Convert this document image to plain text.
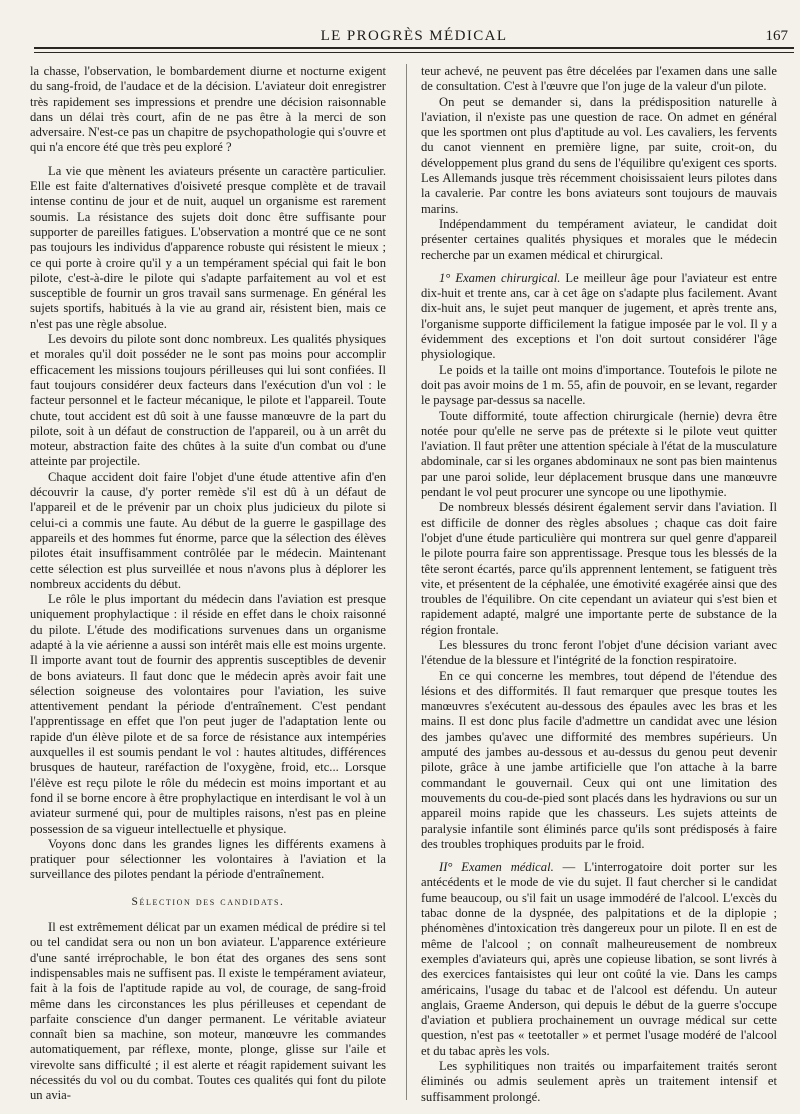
LE PROGRÈS MÉDICAL	167

la chasse, l'observation, le bombardement diurne et nocturne exigent du sang-froid, de l'audace et de la décision. L'aviateur doit enregistrer très rapidement ses impressions et prendre une décision raisonnable dans un délai très court, afin de ne pas être à la merci de son adversaire. N'est-ce pas un chapitre de psychopathologie qui s'ouvre et qui n'a encore été que très peu exploré ?

La vie que mènent les aviateurs présente un caractère particulier. Elle est faite d'alternatives d'oisiveté presque complète et de travail intense continu de jour et de nuit, auquel un organisme est rarement soumis. La résistance des sujets doit donc être suffisante pour supporter de pareilles fatigues. L'observation a montré que ce ne sont pas toujours les individus d'apparence robuste qui résistent le mieux ; ce qui porte à croire qu'il y a un tempérament spécial qui fait le bon pilote, c'est-à-dire le pilote qui s'adapte parfaitement au vol et est susceptible de fournir un gros travail sans surmenage. En général les sujets sportifs, habitués à la vie au grand air, résistent bien, mais ce n'est pas une règle absolue.

Les devoirs du pilote sont donc nombreux. Les qualités physiques et morales qu'il doit posséder ne le sont pas moins pour accomplir efficacement les missions toujours périlleuses qui lui sont confiées. Il faut toujours considérer deux facteurs dans l'exécution d'un vol : le facteur personnel et le facteur mécanique, le pilote et l'appareil. Toute chute, tout accident est dû soit à une fausse manœuvre de la part du pilote, soit à un défaut de construction de l'appareil, ou à un arrêt du moteur, abstraction faite des chûtes à la suite d'un combat ou d'une atteinte par projectile.

Chaque accident doit faire l'objet d'une étude attentive afin d'en découvrir la cause, d'y porter remède s'il est dû à un défaut de l'appareil et de le prévenir par un choix plus judicieux du pilote si celui-ci a commis une faute. Au début de la guerre le gaspillage des appareils et des hommes fut énorme, parce que la sélection des élèves pilotes était insuffisamment contrôlée par le médecin. Maintenant cette sélection est plus surveillée et nous n'avons plus à déplorer les nombreux accidents du début.

Le rôle le plus important du médecin dans l'aviation est presque uniquement prophylactique : il réside en effet dans le choix raisonné du pilote. L'étude des modifications survenues dans un organisme adapté à la vie aérienne a aussi son intérêt mais elle est moins urgente. Il importe avant tout de fournir des apprentis susceptibles de devenir de bons aviateurs. Il faut donc que le médecin après avoir fait une sélection soigneuse des volontaires pour l'aviation, les suive attentivement pendant la période d'entraînement. C'est pendant l'apprentissage en effet que l'on peut juger de l'adaptation lente ou rapide d'un élève pilote et de sa force de résistance aux intempéries auxquelles il est soumis pendant le vol : hautes altitudes, différences brusques de hauteur, raréfaction de l'oxygène, froid, etc... Lorsque l'élève est reçu pilote le rôle du médecin est moins important et au fond il se borne encore à être prophylactique en interdisant le vol à un aviateur surmené qui, pour de multiples raisons, n'est pas en pleine possession de sa vigueur intellectuelle et physique.

Voyons donc dans les grandes lignes les différents examens à pratiquer pour sélectionner les volontaires à l'aviation et la surveillance des pilotes pendant la période d'entraînement.

Sélection des candidats.

Il est extrêmement délicat par un examen médical de prédire si tel ou tel candidat sera ou non un bon aviateur. L'apparence extérieure d'une santé irréprochable, le bon état des organes des sens sont indispensables mais ne suffisent pas. Il existe le tempérament aviateur, fait à la fois de l'aptitude rapide au vol, de courage, de sang-froid même dans les circonstances les plus périlleuses et cependant de parfaite conscience d'un danger permanent. Le véritable aviateur connaît bien sa machine, son moteur, manœuvre les commandes automatiquement, par réflexe, monte, plonge, glisse sur l'aile et virevolte sans difficulté ; il est alerte et réagit rapidement suivant les nécessités du vol ou du combat. Toutes ces qualités qui font du pilote un avia-

teur achevé, ne peuvent pas être décelées par l'examen dans une salle de consultation. C'est à l'œuvre que l'on juge de la valeur d'un pilote.

On peut se demander si, dans la prédisposition naturelle à l'aviation, il n'existe pas une question de race. On admet en général que les sportmen ont plus d'aptitude au vol. Les cavaliers, les fervents du canot viennent en première ligne, par suite, croit-on, du développement plus grand du sens de l'équilibre qu'exigent ces sports. Les Allemands jusque très récemment choisissaient leurs pilotes dans la cavalerie. Par contre les bons aviateurs sont toujours de mauvais marins.

Indépendamment du tempérament aviateur, le candidat doit présenter certaines qualités physiques et morales que le médecin recherche par un examen médical et chirurgical.

1° Examen chirurgical. Le meilleur âge pour l'aviateur est entre dix-huit et trente ans, car à cet âge on s'adapte plus facilement. Avant dix-huit ans, le sujet peut manquer de jugement, et après trente ans, l'organisme supporte difficilement la fatigue imposée par le vol. Il y a évidemment des exceptions et l'on doit surtout considérer l'âge physiologique.

Le poids et la taille ont moins d'importance. Toutefois le pilote ne doit pas avoir moins de 1 m. 55, afin de pouvoir, en se levant, regarder le paysage par-dessus sa nacelle.

Toute difformité, toute affection chirurgicale (hernie) devra être notée pour qu'elle ne serve pas de prétexte si le pilote veut quitter l'aviation. Il faut prêter une attention spéciale à l'état de la musculature abdominale, car si les organes abdominaux ne sont pas bien maintenus par une paroi solide, leur déplacement brusque dans une manœuvre pendant le vol peut procurer une syncope ou une lipothymie.

De nombreux blessés désirent également servir dans l'aviation. Il est difficile de donner des règles absolues ; chaque cas doit faire l'objet d'une étude particulière qui montrera sur quel genre d'appareil le pilote pourra faire son apprentissage. Presque tous les blessés de la tête seront écartés, parce qu'ils apprennent lentement, se fatiguent très vite, et présentent de la céphalée, une émotivité exagérée ainsi que des troubles de l'équilibre. On cite cependant un aviateur qui s'est bien et rapidement adapté, malgré une importante perte de substance de la région frontale.

Les blessures du tronc feront l'objet d'une décision variant avec l'étendue de la blessure et l'intégrité de la fonction respiratoire.

En ce qui concerne les membres, tout dépend de l'étendue des lésions et des difformités. Il faut remarquer que presque toutes les manœuvres s'exécutent au-dessous des épaules avec les bras et les mains. Il est donc plus facile d'admettre un candidat avec une lésion des jambes qu'avec une difformité des membres supérieurs. Un amputé des jambes au-dessous et au-dessus du genou peut devenir pilote, grâce à une jambe artificielle que l'on attache à la barre commandant le gouvernail. Ceux qui ont une limitation des mouvements du cou-de-pied sont placés dans les hydravions ou sur un appareil moins rapide que les chasseurs. Les sujets atteints de paralysie infantile sont éliminés parce qu'ils sont prédisposés à faire des troubles trophiques produits par le froid.

II° Examen médical. — L'interrogatoire doit porter sur les antécédents et le mode de vie du sujet. Il faut chercher si le candidat fume beaucoup, ou s'il fait un usage immodéré de l'alcool. L'excès du tabac donne de la dyspnée, des palpitations et de la diplopie ; phénomènes d'intoxication très dangereux pour un pilote. Il en est de même de l'alcool ; on connaît malheureusement de nombreux exemples d'aviateurs qui, après une copieuse libation, se sont livrés à des exercices fantaisistes qui leur ont coûté la vie. Dans les camps américains, l'usage du tabac et de l'alcool est défendu. Un auteur anglais, Graeme Anderson, qui depuis le début de la guerre s'occupe d'aviation et publiera prochainement un ouvrage médical sur cette question, n'est pas « teetotaller » et permet l'usage modéré de l'alcool et du tabac après les vols.

Les syphilitiques non traités ou imparfaitement traités seront éliminés ou admis seulement après un traitement intensif et suffisamment prolongé.
